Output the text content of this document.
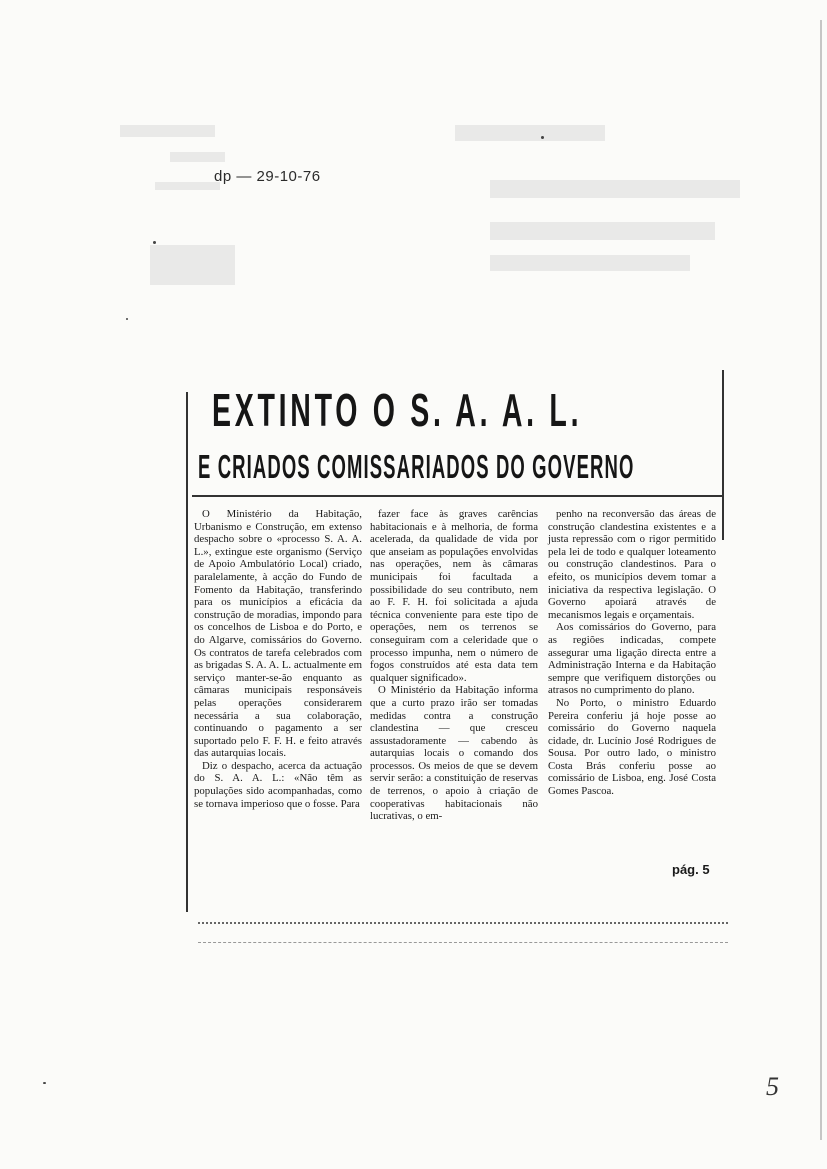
dp — 29-10-76
EXTINTO O S. A. A. L.
E CRIADOS COMISSARIADOS DO GOVERNO

O Ministério da Habitação, Urbanismo e Construção, em extenso despacho sobre o «processo S. A. A. L.», extingue este organismo (Serviço de Apoio Ambulatório Local) criado, paralelamente, à acção do Fundo de Fomento da Habitação, transferindo para os municípios a eficácia da construção de moradias, impondo para os concelhos de Lisboa e do Porto, e do Algarve, comissários do Governo. Os contratos de tarefa celebrados com as brigadas S. A. A. L. actualmente em serviço manter-se-ão enquanto as câmaras municipais responsáveis pelas operações considerarem necessária a sua colaboração, continuando o pagamento a ser suportado pelo F. F. H. e feito através das autarquias locais.

Diz o despacho, acerca da actuação do S. A. A. L.: «Não têm as populações sido acompanhadas, como se tornava imperioso que o fosse. Para

fazer face às graves carências habitacionais e à melhoria, de forma acelerada, da qualidade de vida por que anseiam as populações envolvidas nas operações, nem às câmaras municipais foi facultada a possibilidade do seu contributo, nem ao F. F. H. foi solicitada a ajuda técnica conveniente para este tipo de operações, nem os terrenos se conseguiram com a celeridade que o processo impunha, nem o número de fogos construídos até esta data tem qualquer significado».

O Ministério da Habitação informa que a curto prazo irão ser tomadas medidas contra a construção clandestina — que cresceu assustadoramente — cabendo às autarquias locais o comando dos processos. Os meios de que se devem servir serão: a constituição de reservas de terrenos, o apoio à criação de cooperativas habitacionais não lucrativas, o em-

penho na reconversão das áreas de construção clandestina existentes e a justa repressão com o rigor permitido pela lei de todo e qualquer loteamento ou construção clandestinos. Para o efeito, os municípios devem tomar a iniciativa da respectiva legislação. O Governo apoiará através de mecanismos legais e orçamentais.

Aos comissários do Governo, para as regiões indicadas, compete assegurar uma ligação directa entre a Administração Interna e da Habitação sempre que verifiquem distorções ou atrasos no cumprimento do plano.

No Porto, o ministro Eduardo Pereira conferiu já hoje posse ao comissário do Governo naquela cidade, dr. Lucínio José Rodrigues de Sousa. Por outro lado, o ministro Costa Brás conferiu posse ao comissário de Lisboa, eng. José Costa Gomes Pascoa.

pág. 5
5
